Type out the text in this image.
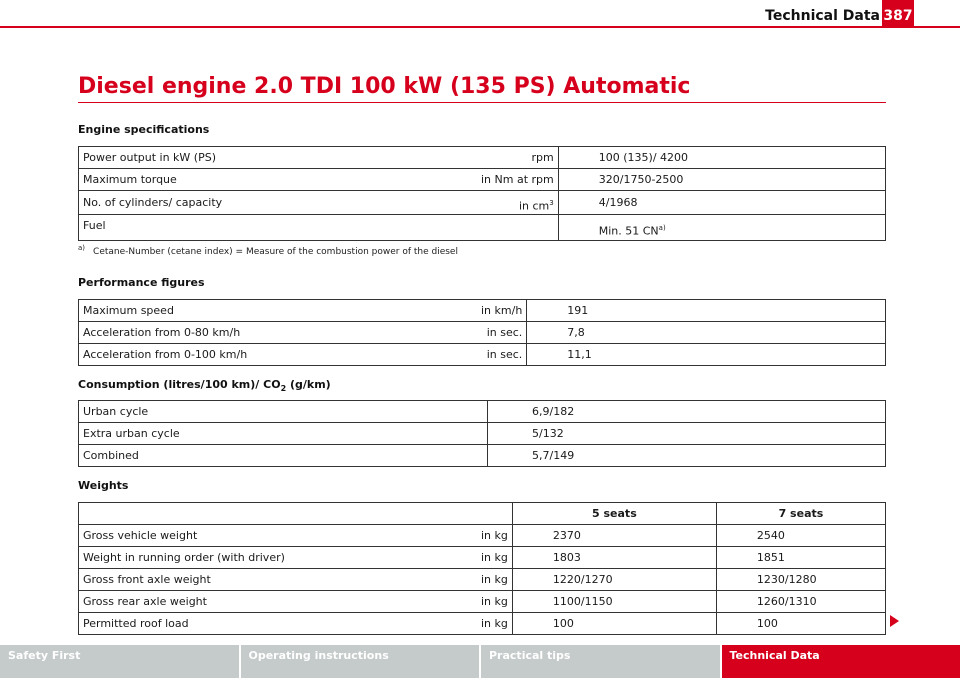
Technical Data 387
Diesel engine 2.0 TDI 100 kW (135 PS) Automatic
Engine specifications
Power output in kW (PS)	rpm	100 (135)/ 4200
Maximum torque	in Nm at rpm	320/1750-2500
No. of cylinders/ capacity	in $cm^3$	4/1968
Fuel		Min. 51 CN$^{a)}$
$^{a)}$ Cetane-Number (cetane index) = Measure of the combustion power of the diesel
Performance figures
Maximum speed	in km/h	191
Acceleration from 0-80 km/h	in sec.	7,8
Acceleration from 0-100 km/h	in sec.	11,1
Consumption (litres/100 km)/ $CO_2$ (g/km)
Urban cycle	6,9/182
Extra urban cycle	5/132
Combined	5,7/149
Weights
		5 seats	7 seats
Gross vehicle weight	in kg	2370	2540
Weight in running order (with driver)	in kg	1803	1851
Gross front axle weight	in kg	1220/1270	1230/1280
Gross rear axle weight	in kg	1100/1150	1260/1310
Permitted roof load	in kg	100	100
Safety First	Operating instructions	Practical tips	Technical Data
